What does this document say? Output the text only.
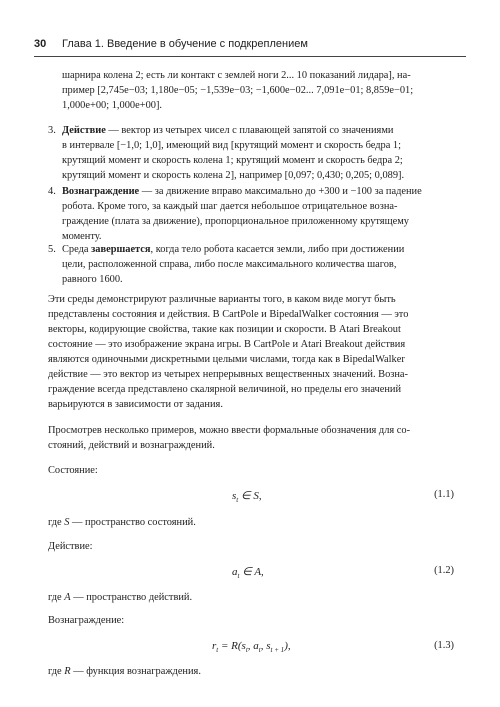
30	Глава 1. Введение в обучение с подкреплением
шарнира колена 2; есть ли контакт с землей ноги 2... 10 показаний лидара], на-
пример [2,745e−03; 1,180e−05; −1,539e−03; −1,600e−02... 7,091e−01; 8,859e−01;
1,000e+00; 1,000e+00].
3. Действие — вектор из четырех чисел с плавающей запятой со значениями
в интервале [−1,0; 1,0], имеющий вид [крутящий момент и скорость бедра 1;
крутящий момент и скорость колена 1; крутящий момент и скорость бедра 2;
крутящий момент и скорость колена 2], например [0,097; 0,430; 0,205; 0,089].
4. Вознаграждение — за движение вправо максимально до +300 и −100 за падение
робота. Кроме того, за каждый шаг дается небольшое отрицательное возна-
граждение (плата за движение), пропорциональное приложенному крутящему
моменту.
5. Среда завершается, когда тело робота касается земли, либо при достижении
цели, расположенной справа, либо после максимального количества шагов,
равного 1600.
Эти среды демонстрируют различные варианты того, в каком виде могут быть
представлены состояния и действия. В CartPole и BipedalWalker состояния — это
векторы, кодирующие свойства, такие как позиции и скорости. В Atari Breakout
состояние — это изображение экрана игры. В CartPole и Atari Breakout действия
являются одиночными дискретными целыми числами, тогда как в BipedalWalker
действие — это вектор из четырех непрерывных вещественных значений. Возна-
граждение всегда представлено скалярной величиной, но пределы его значений
варьируются в зависимости от задания.
Просмотрев несколько примеров, можно ввести формальные обозначения для со-
стояний, действий и вознаграждений.
Состояние:
$s_t$ ∈ S,	(1.1)
где S — пространство состояний.
Действие:
$a_t$ ∈ A,	(1.2)
где A — пространство действий.
Вознаграждение:
$r_t = R(s_t$, $a_t$, $s_{t + 1}$),	(1.3)
где R — функция вознаграждения.
